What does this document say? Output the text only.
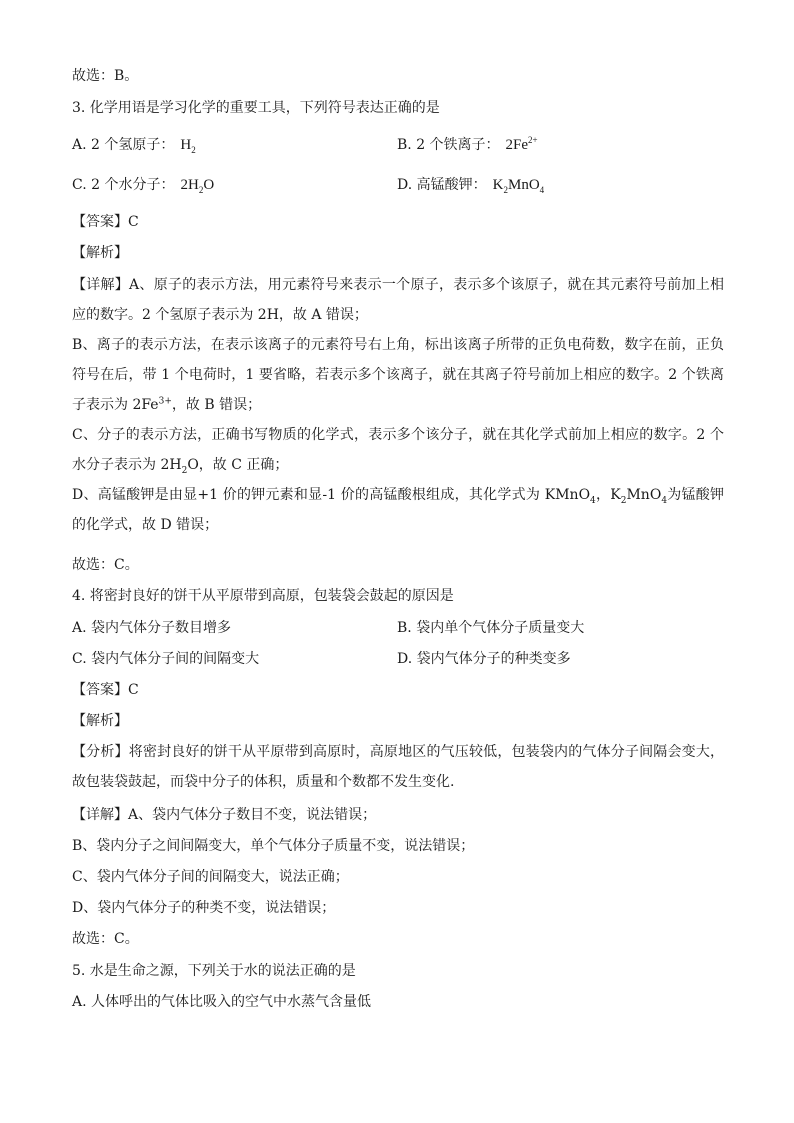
故选：B。
3. 化学用语是学习化学的重要工具，下列符号表达正确的是
A. 2 个氢原子： $H_2$	B. 2 个铁离子： $2Fe^{2+}$
C. 2 个水分子： $2H_2O$	D. 高锰酸钾： $K_2MnO_4$
【答案】C
【解析】
【详解】A、原子的表示方法，用元素符号来表示一个原子，表示多个该原子，就在其元素符号前加上相应的数字。2 个氢原子表示为 2H，故 A 错误；
B、离子的表示方法，在表示该离子的元素符号右上角，标出该离子所带的正负电荷数，数字在前，正负符号在后，带 1 个电荷时，1 要省略，若表示多个该离子，就在其离子符号前加上相应的数字。2 个铁离子表示为 $2Fe^{3+}$，故 B 错误；
C、分子的表示方法，正确书写物质的化学式，表示多个该分子，就在其化学式前加上相应的数字。2 个水分子表示为 $2H_2O$，故 C 正确；
D、高锰酸钾是由显+1 价的钾元素和显-1 价的高锰酸根组成，其化学式为 KMnO$_4$，$K_2MnO_4$为锰酸钾的化学式，故 D 错误；
故选：C。
4. 将密封良好的饼干从平原带到高原，包装袋会鼓起的原因是
A. 袋内气体分子数目增多	B. 袋内单个气体分子质量变大
C. 袋内气体分子间的间隔变大	D. 袋内气体分子的种类变多
【答案】C
【解析】
【分析】将密封良好的饼干从平原带到高原时，高原地区的气压较低，包装袋内的气体分子间隔会变大，故包装袋鼓起，而袋中分子的体积，质量和个数都不发生变化.
【详解】A、袋内气体分子数目不变，说法错误；
B、袋内分子之间间隔变大，单个气体分子质量不变，说法错误；
C、袋内气体分子间的间隔变大，说法正确；
D、袋内气体分子的种类不变，说法错误；
故选：C。
5. 水是生命之源，下列关于水的说法正确的是
A. 人体呼出的气体比吸入的空气中水蒸气含量低
